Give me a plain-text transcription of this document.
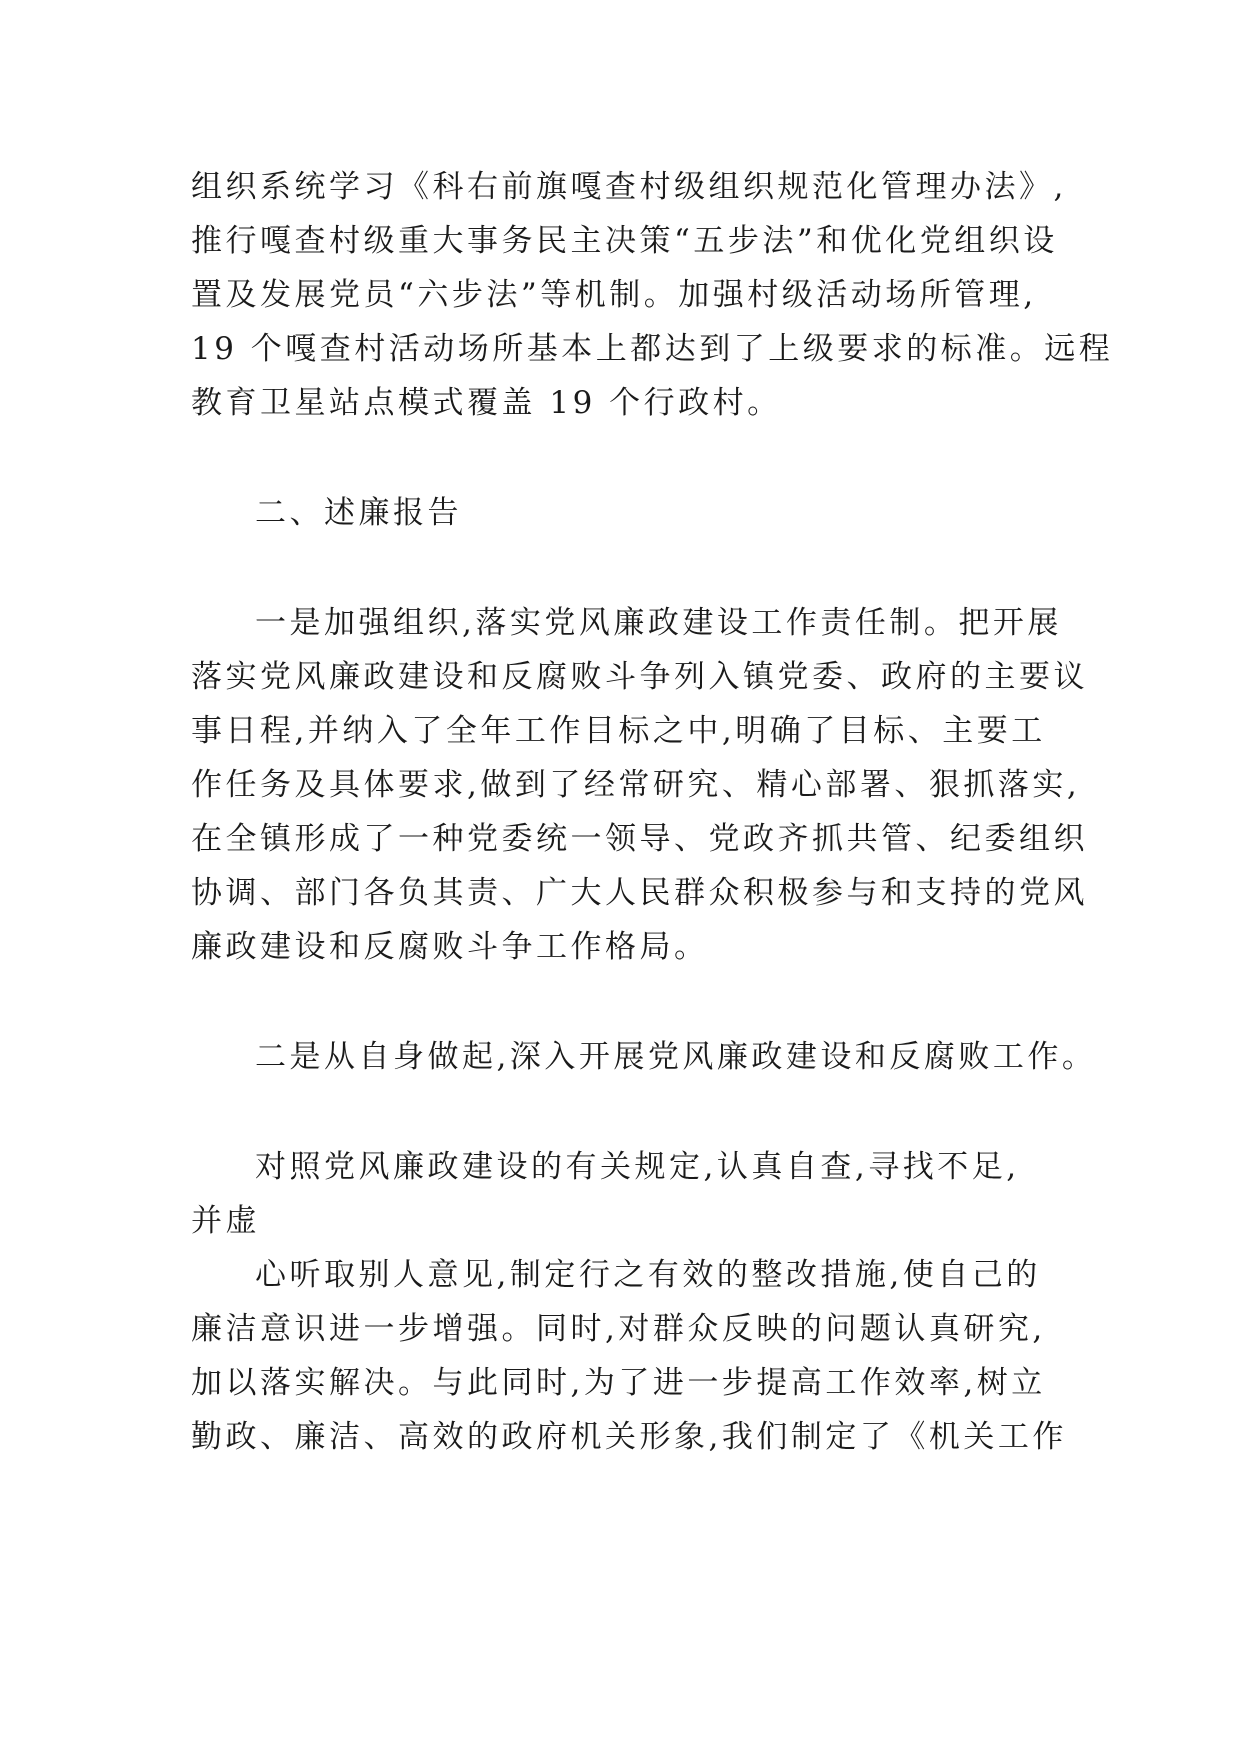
组织系统学习《科右前旗嘎查村级组织规范化管理办法》,
推行嘎查村级重大事务民主决策“五步法”和优化党组织设
置及发展党员“六步法”等机制。加强村级活动场所管理,
19 个嘎查村活动场所基本上都达到了上级要求的标准。远程
教育卫星站点模式覆盖 19 个行政村。
二、述廉报告
一是加强组织,落实党风廉政建设工作责任制。把开展
落实党风廉政建设和反腐败斗争列入镇党委、政府的主要议
事日程,并纳入了全年工作目标之中,明确了目标、主要工
作任务及具体要求,做到了经常研究、精心部署、狠抓落实,
在全镇形成了一种党委统一领导、党政齐抓共管、纪委组织
协调、部门各负其责、广大人民群众积极参与和支持的党风
廉政建设和反腐败斗争工作格局。
二是从自身做起,深入开展党风廉政建设和反腐败工作。
对照党风廉政建设的有关规定,认真自查,寻找不足,
并虚
心听取别人意见,制定行之有效的整改措施,使自己的
廉洁意识进一步增强。同时,对群众反映的问题认真研究,
加以落实解决。与此同时,为了进一步提高工作效率,树立
勤政、廉洁、高效的政府机关形象,我们制定了《机关工作
